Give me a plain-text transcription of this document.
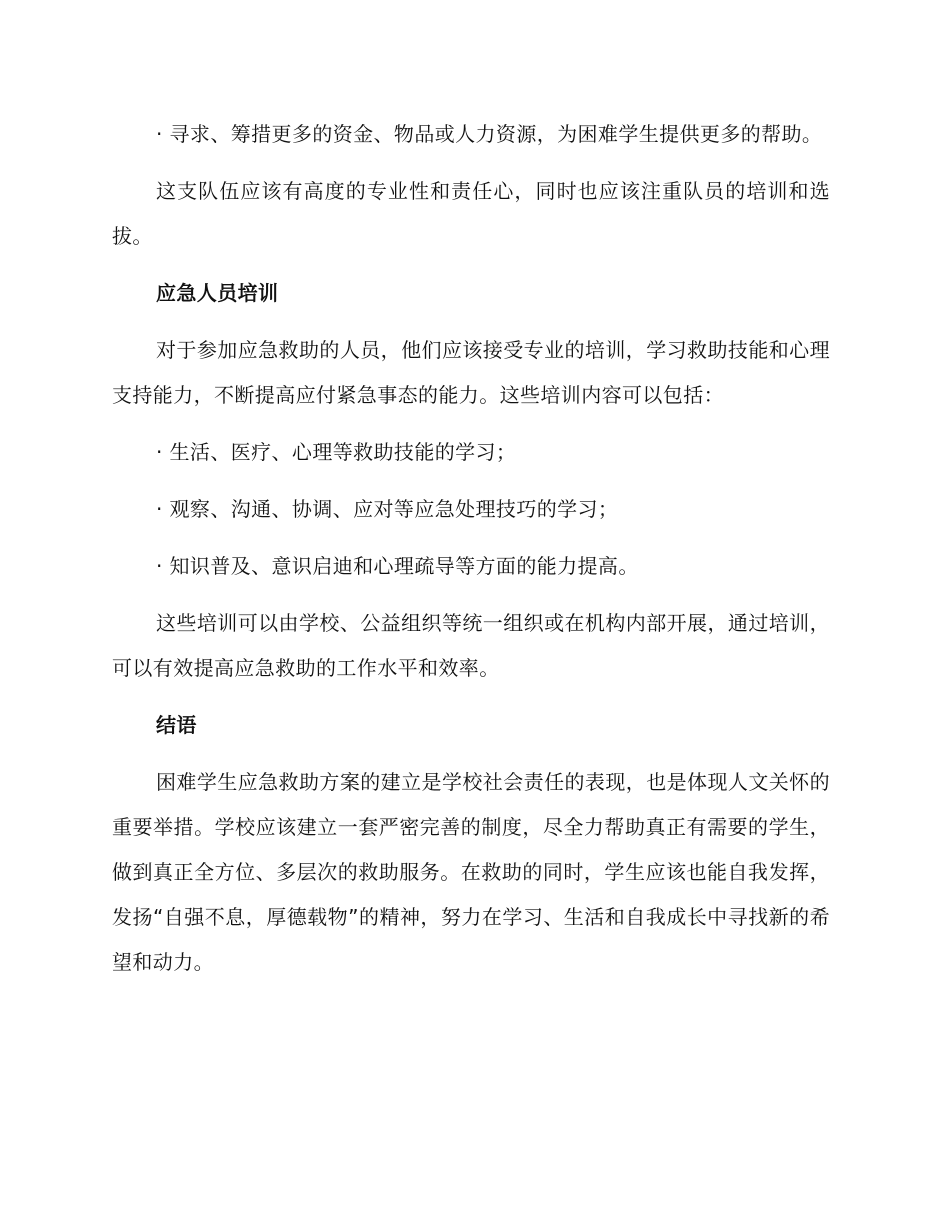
· 寻求、筹措更多的资金、物品或人力资源，为困难学生提供更多的帮助。

这支队伍应该有高度的专业性和责任心，同时也应该注重队员的培训和选拔。

应急人员培训

对于参加应急救助的人员，他们应该接受专业的培训，学习救助技能和心理支持能力，不断提高应付紧急事态的能力。这些培训内容可以包括：

· 生活、医疗、心理等救助技能的学习；

· 观察、沟通、协调、应对等应急处理技巧的学习；

· 知识普及、意识启迪和心理疏导等方面的能力提高。

这些培训可以由学校、公益组织等统一组织或在机构内部开展，通过培训，可以有效提高应急救助的工作水平和效率。

结语

困难学生应急救助方案的建立是学校社会责任的表现，也是体现人文关怀的重要举措。学校应该建立一套严密完善的制度，尽全力帮助真正有需要的学生，做到真正全方位、多层次的救助服务。在救助的同时，学生应该也能自我发挥，发扬“自强不息，厚德载物”的精神，努力在学习、生活和自我成长中寻找新的希望和动力。
